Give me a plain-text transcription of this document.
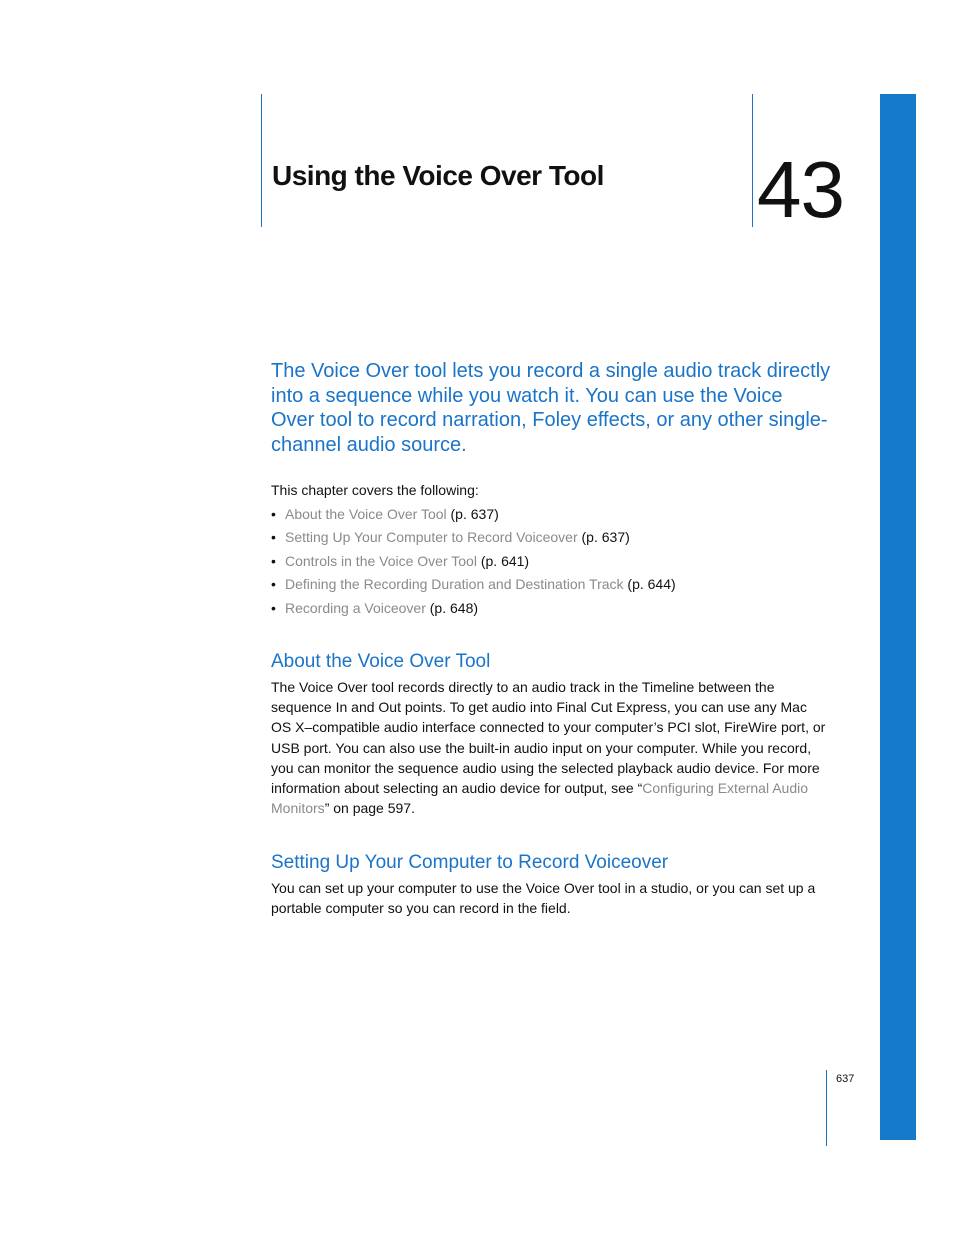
Using the Voice Over Tool 43

The Voice Over tool lets you record a single audio track directly into a sequence while you watch it. You can use the Voice Over tool to record narration, Foley effects, or any other single-channel audio source.

This chapter covers the following:

• About the Voice Over Tool (p. 637)
• Setting Up Your Computer to Record Voiceover (p. 637)
• Controls in the Voice Over Tool (p. 641)
• Defining the Recording Duration and Destination Track (p. 644)
• Recording a Voiceover (p. 648)
About the Voice Over Tool

The Voice Over tool records directly to an audio track in the Timeline between the sequence In and Out points. To get audio into Final Cut Express, you can use any Mac OS X–compatible audio interface connected to your computer’s PCI slot, FireWire port, or USB port. You can also use the built-in audio input on your computer. While you record, you can monitor the sequence audio using the selected playback audio device. For more information about selecting an audio device for output, see “Configuring External Audio Monitors” on page 597.

Setting Up Your Computer to Record Voiceover

You can set up your computer to use the Voice Over tool in a studio, or you can set up a portable computer so you can record in the field.

637
